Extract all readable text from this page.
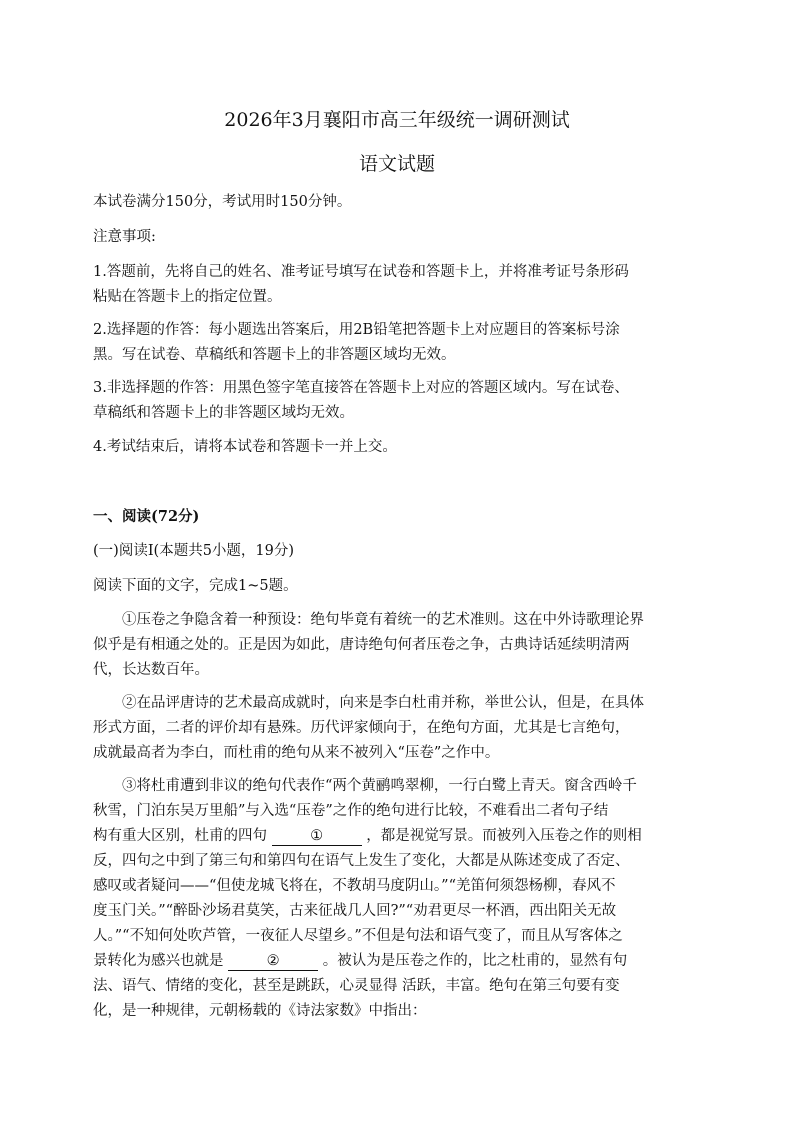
2026年3月襄阳市高三年级统一调研测试
语文试题
本试卷满分150分，考试用时150分钟。
注意事项:
1.答题前，先将自己的姓名、准考证号填写在试卷和答题卡上，并将准考证号条形码
粘贴在答题卡上的指定位置。
2.选择题的作答：每小题选出答案后，用2B铅笔把答题卡上对应题目的答案标号涂
黑。写在试卷、草稿纸和答题卡上的非答题区域均无效。
3.非选择题的作答：用黑色签字笔直接答在答题卡上对应的答题区域内。写在试卷、
草稿纸和答题卡上的非答题区域均无效。
4.考试结束后，请将本试卷和答题卡一并上交。
一、阅读(72分)
(一)阅读Ⅰ(本题共5小题，19分)
阅读下面的文字，完成1~5题。
①压卷之争隐含着一种预设：绝句毕竟有着统一的艺术准则。这在中外诗歌理论界
似乎是有相通之处的。正是因为如此，唐诗绝句何者压卷之争，古典诗话延续明清两
代，长达数百年。
②在品评唐诗的艺术最高成就时，向来是李白杜甫并称，举世公认，但是，在具体
形式方面，二者的评价却有悬殊。历代评家倾向于，在绝句方面，尤其是七言绝句，
成就最高者为李白，而杜甫的绝句从来不被列入“压卷”之作中。
③将杜甫遭到非议的绝句代表作“两个黄鹂鸣翠柳，一行白鹭上青天。窗含西岭千
秋雪，门泊东吴万里船”与入选“压卷”之作的绝句进行比较，不难看出二者句子结
构有重大区别，杜甫的四句	①	，都是视觉写景。而被列入压卷之作的则相
反，四句之中到了第三句和第四句在语气上发生了变化，大都是从陈述变成了否定、
感叹或者疑问——“但使龙城飞将在，不教胡马度阴山。”“羌笛何须怨杨柳，春风不
度玉门关。”“醉卧沙场君莫笑，古来征战几人回?”“劝君更尽一杯酒，西出阳关无故
人。”“不知何处吹芦管，一夜征人尽望乡。”不但是句法和语气变了，而且从写客体之
景转化为感兴也就是	②	。被认为是压卷之作的，比之杜甫的，显然有句
法、语气、情绪的变化，甚至是跳跃，心灵显得 活跃，丰富。绝句在第三句要有变
化，是一种规律，元朝杨载的《诗法家数》中指出：
